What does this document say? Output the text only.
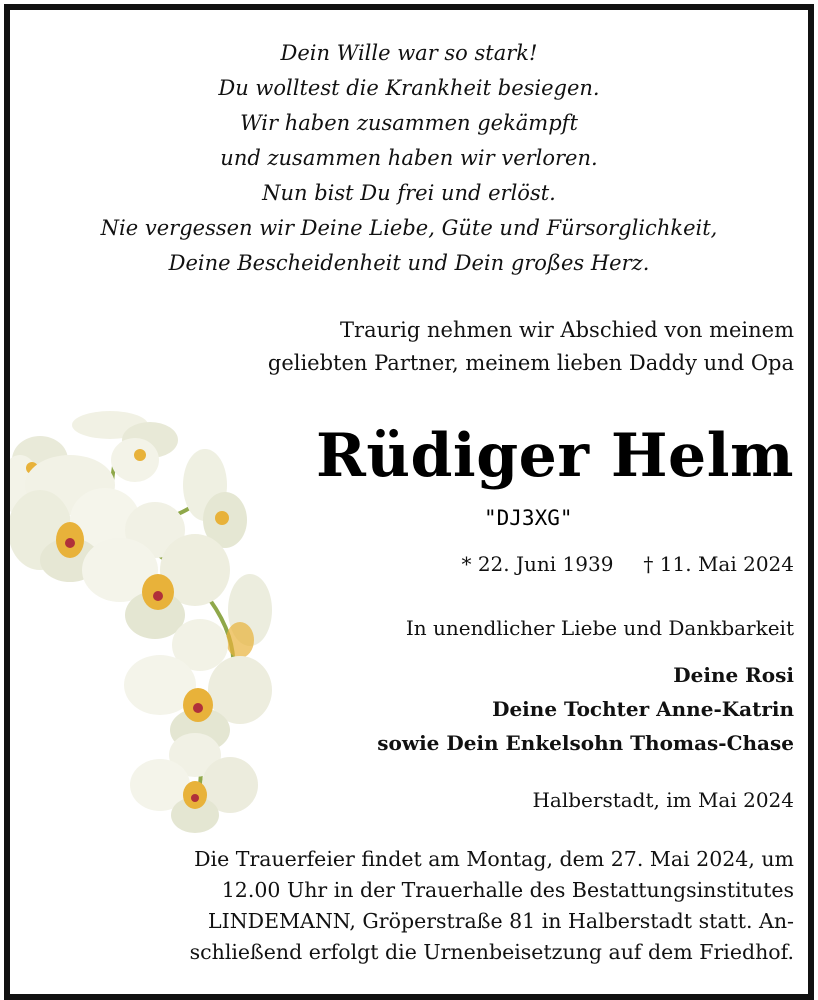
Dein Wille war so stark!
Du wolltest die Krankheit besiegen.
Wir haben zusammen gekämpft
und zusammen haben wir verloren.
Nun bist Du frei und erlöst.
Nie vergessen wir Deine Liebe, Güte und Fürsorglichkeit,
Deine Bescheidenheit und Dein großes Herz.
Traurig nehmen wir Abschied von meinem
geliebten Partner, meinem lieben Daddy und Opa
Rüdiger Helm
"DJ3XG"
* 22. Juni 1939 † 11. Mai 2024
In unendlicher Liebe und Dankbarkeit
Deine Rosi
Deine Tochter Anne-Katrin
sowie Dein Enkelsohn Thomas-Chase
Halberstadt, im Mai 2024
Die Trauerfeier findet am Montag, dem 27. Mai 2024, um
12.00 Uhr in der Trauerhalle des Bestattungsinstitutes
LINDEMANN, Gröperstraße 81 in Halberstadt statt. An-
schließend erfolgt die Urnenbeisetzung auf dem Friedhof.
